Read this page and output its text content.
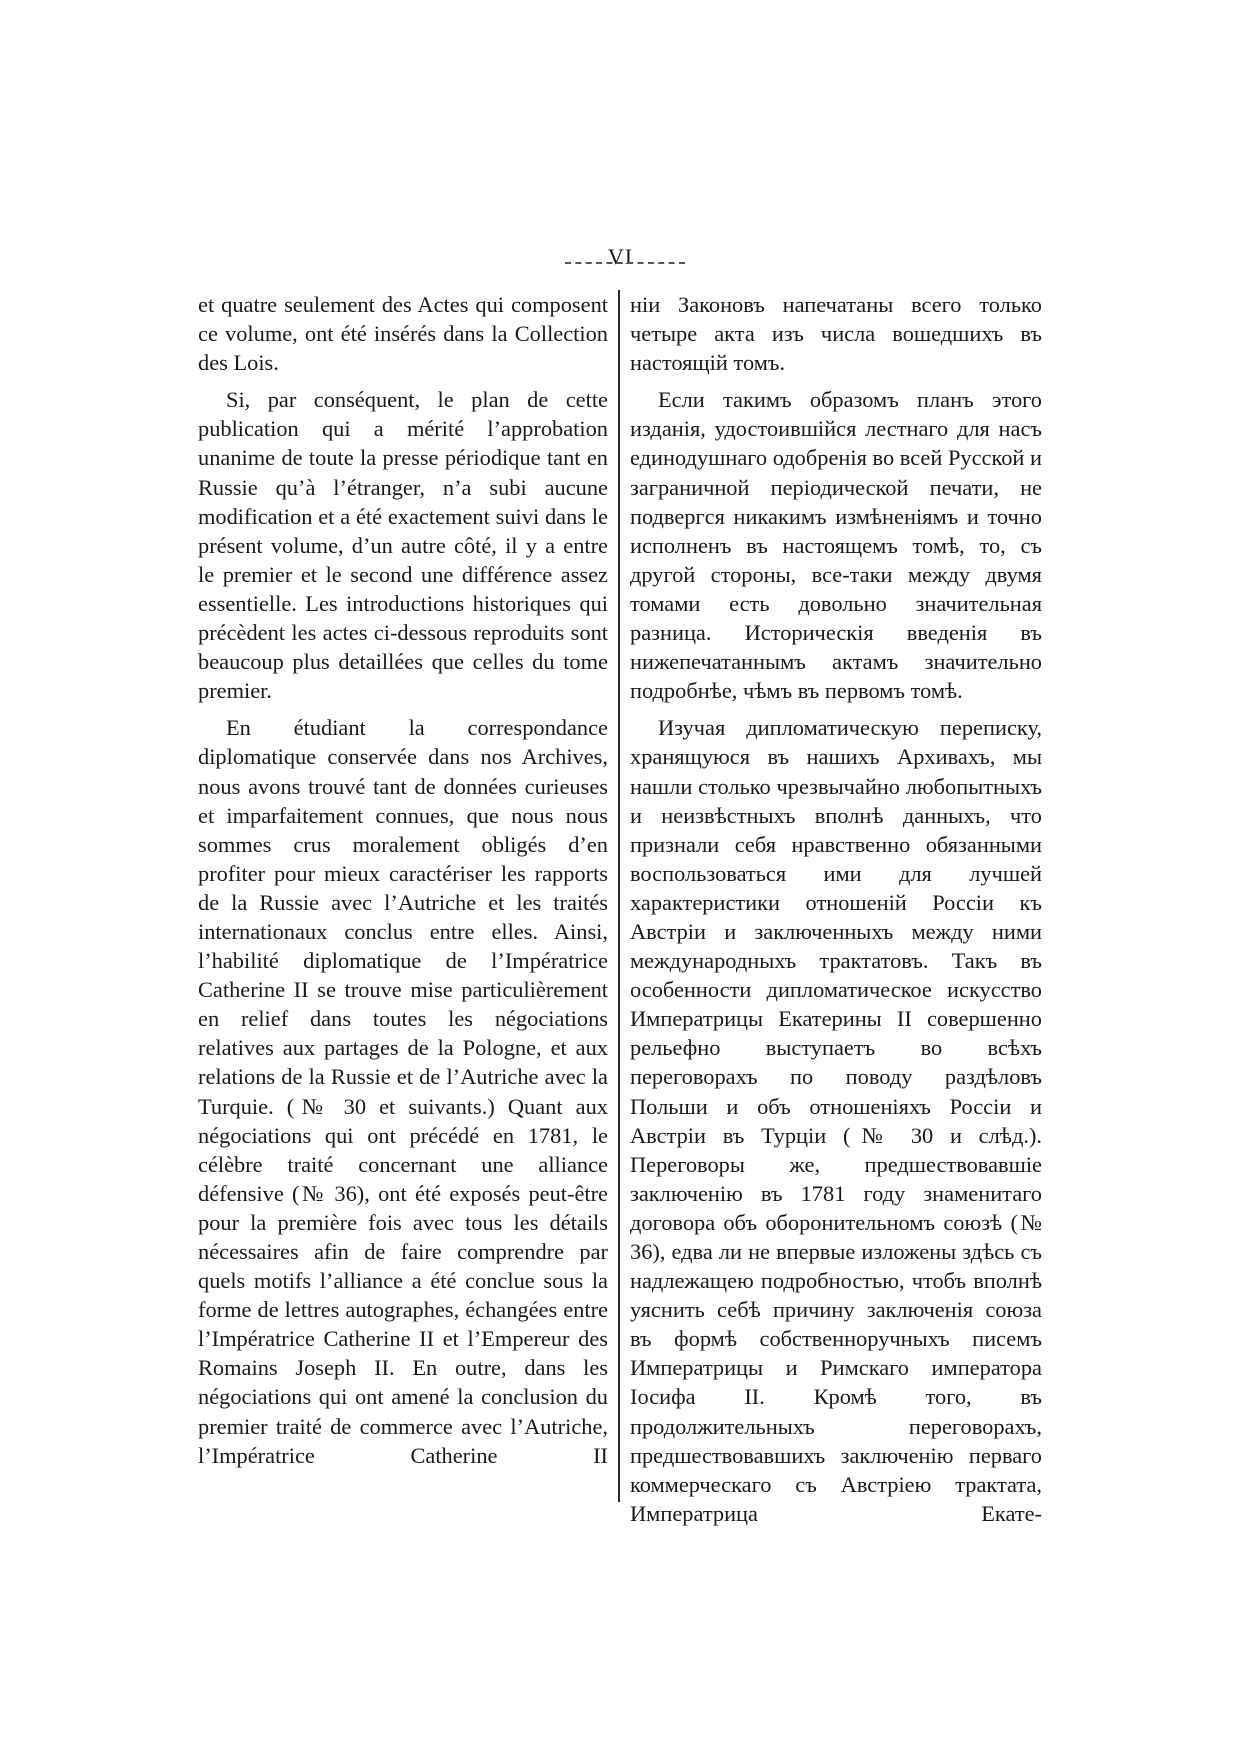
VI

et quatre seulement des Actes qui composent ce volume, ont été insérés dans la Collection des Lois.

Si, par conséquent, le plan de cette publication qui a mérité l’approbation unanime de toute la presse périodique tant en Russie qu’à l’étranger, n’a subi aucune modification et a été exactement suivi dans le présent volume, d’un autre côté, il y a entre le premier et le second une différence assez essentielle. Les introductions historiques qui précèdent les actes ci-dessous reproduits sont beaucoup plus detaillées que celles du tome premier.

En étudiant la correspondance diplomatique conservée dans nos Archives, nous avons trouvé tant de données curieuses et imparfaitement connues, que nous nous sommes crus moralement obligés d’en profiter pour mieux caractériser les rapports de la Russie avec l’Autriche et les traités internationaux conclus entre elles. Ainsi, l’habilité diplomatique de l’Impératrice Catherine II se trouve mise particulièrement en relief dans toutes les négociations relatives aux partages de la Pologne, et aux relations de la Russie et de l’Autriche avec la Turquie. (№ 30 et suivants.) Quant aux négociations qui ont précédé en 1781, le célèbre traité concernant une alliance défensive (№ 36), ont été exposés peut-être pour la première fois avec tous les détails nécessaires afin de faire comprendre par quels motifs l’alliance a été conclue sous la forme de lettres autographes, échangées entre l’Impératrice Catherine II et l’Empereur des Romains Joseph II. En outre, dans les négociations qui ont amené la conclusion du premier traité de commerce avec l’Autriche, l’Impératrice Catherine II

ніи Законовъ напечатаны всего только четыре акта изъ числа вошедшихъ въ настоящій томъ.

Если такимъ образомъ планъ этого изданія, удостоившійся лестнаго для насъ единодушнаго одобренія во всей Русской и заграничной періодической печати, не подвергся никакимъ измѣненіямъ и точно исполненъ въ настоящемъ томѣ, то, съ другой стороны, все-таки между двумя томами есть довольно значительная разница. Историческія введенія въ нижепечатаннымъ актамъ значительно подробнѣе, чѣмъ въ первомъ томѣ.

Изучая дипломатическую переписку, хранящуюся въ нашихъ Архивахъ, мы нашли столько чрезвычайно любопытныхъ и неизвѣстныхъ вполнѣ данныхъ, что признали себя нравственно обязанными воспользоваться ими для лучшей характеристики отношеній Россіи къ Австріи и заключенныхъ между ними международныхъ трактатовъ. Такъ въ особенности дипломатическое искусство Императрицы Екатерины II совершенно рельефно выступаетъ во всѣхъ переговорахъ по поводу раздѣловъ Польши и объ отношеніяхъ Россіи и Австріи въ Турціи (№ 30 и слѣд.). Переговоры же, предшествовавшіе заключенію въ 1781 году знаменитаго договора объ оборонительномъ союзѣ (№ 36), едва ли не впервые изложены здѣсь съ надлежащею подробностью, чтобъ вполнѣ уяснить себѣ причину заключенія союза въ формѣ собственноручныхъ писемъ Императрицы и Римскаго императора Іосифа II. Кромѣ того, въ продолжительныхъ переговорахъ, предшествовавшихъ заключенію перваго коммерческаго съ Австріею трактата, Императрица Екате-
